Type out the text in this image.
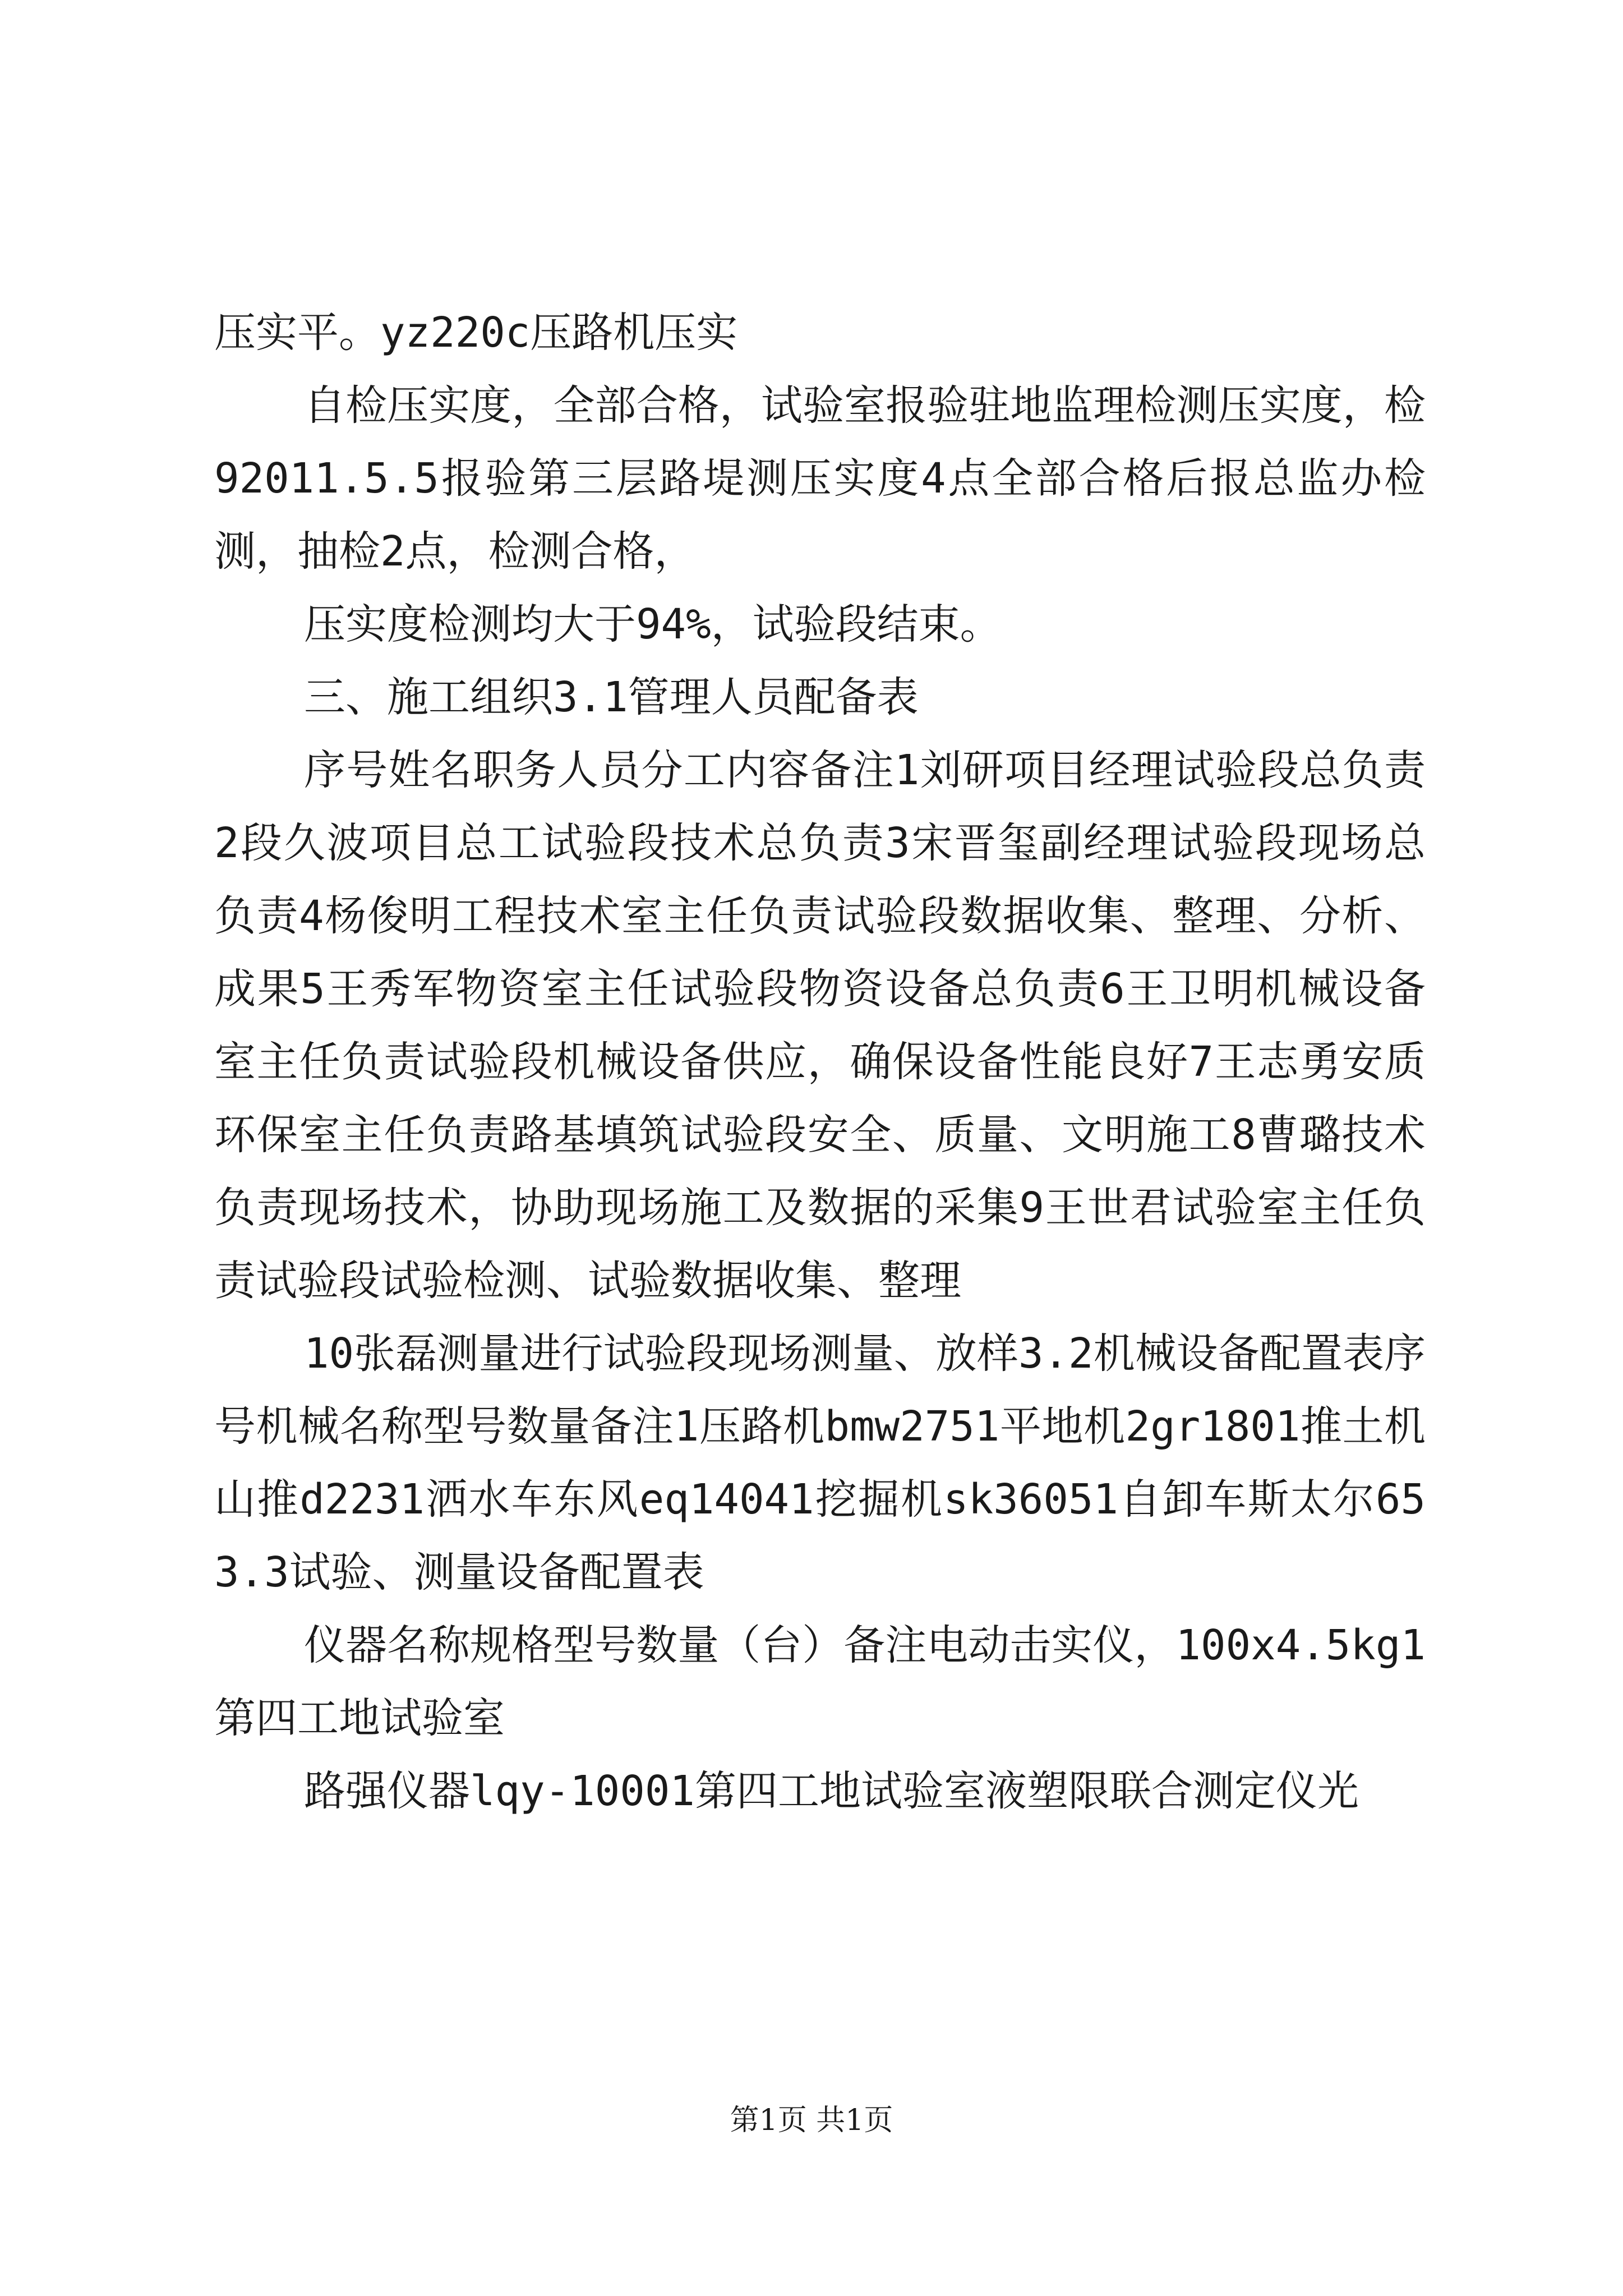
压实平。yz220c压路机压实

自检压实度，全部合格，试验室报验驻地监理检测压实度，检92011.5.5报验第三层路堤测压实度4点全部合格后报总监办检测，抽检2点，检测合格，

压实度检测均大于94%，试验段结束。

三、施工组织3.1管理人员配备表

序号姓名职务人员分工内容备注1刘研项目经理试验段总负责2段久波项目总工试验段技术总负责3宋晋玺副经理试验段现场总负责4杨俊明工程技术室主任负责试验段数据收集、整理、分析、成果5王秀军物资室主任试验段物资设备总负责6王卫明机械设备室主任负责试验段机械设备供应，确保设备性能良好7王志勇安质环保室主任负责路基填筑试验段安全、质量、文明施工8曹璐技术负责现场技术，协助现场施工及数据的采集9王世君试验室主任负责试验段试验检测、试验数据收集、整理

10张磊测量进行试验段现场测量、放样3.2机械设备配置表序号机械名称型号数量备注1压路机bmw2751平地机2gr1801推土机山推d2231洒水车东风eq14041挖掘机sk36051自卸车斯太尔653.3试验、测量设备配置表

仪器名称规格型号数量（台）备注电动击实仪，100x4.5kg1第四工地试验室

路强仪器lqy-10001第四工地试验室液塑限联合测定仪光

第1页 共1页
